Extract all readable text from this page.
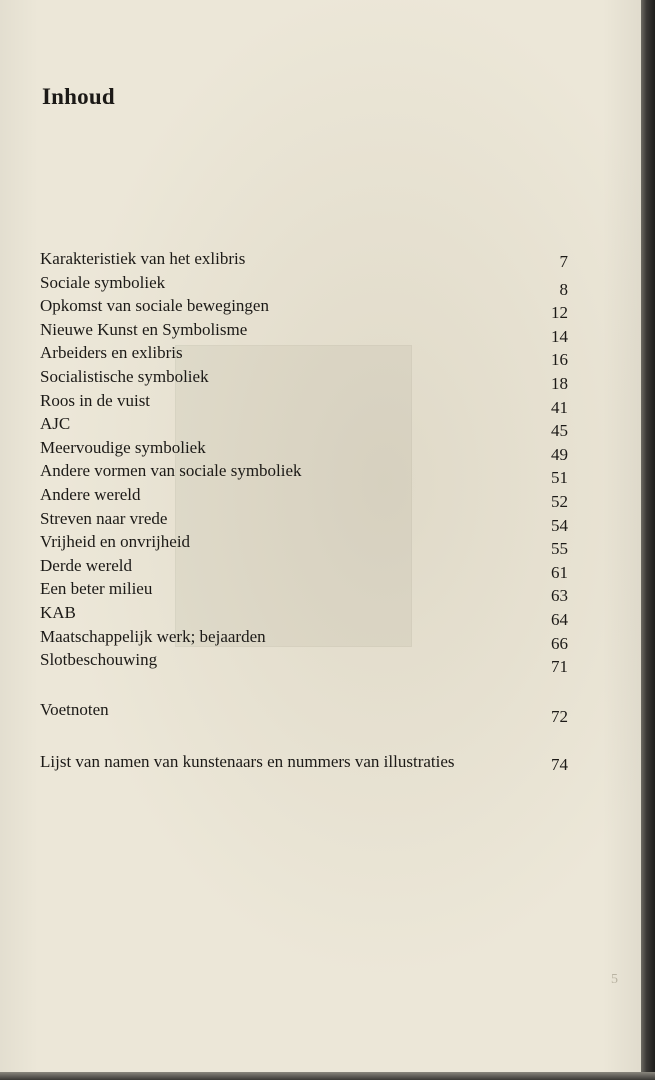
Inhoud
Karakteristiek van het exlibris	7
Sociale symboliek	8
Opkomst van sociale bewegingen	12
Nieuwe Kunst en Symbolisme	14
Arbeiders en exlibris	16
Socialistische symboliek	18
Roos in de vuist	41
AJC	45
Meervoudige symboliek	49
Andere vormen van sociale symboliek	51
Andere wereld	52
Streven naar vrede	54
Vrijheid en onvrijheid	55
Derde wereld	61
Een beter milieu	63
KAB	64
Maatschappelijk werk; bejaarden	66
Slotbeschouwing	71
Voetnoten	72
Lijst van namen van kunstenaars en nummers van illustraties	74
5
